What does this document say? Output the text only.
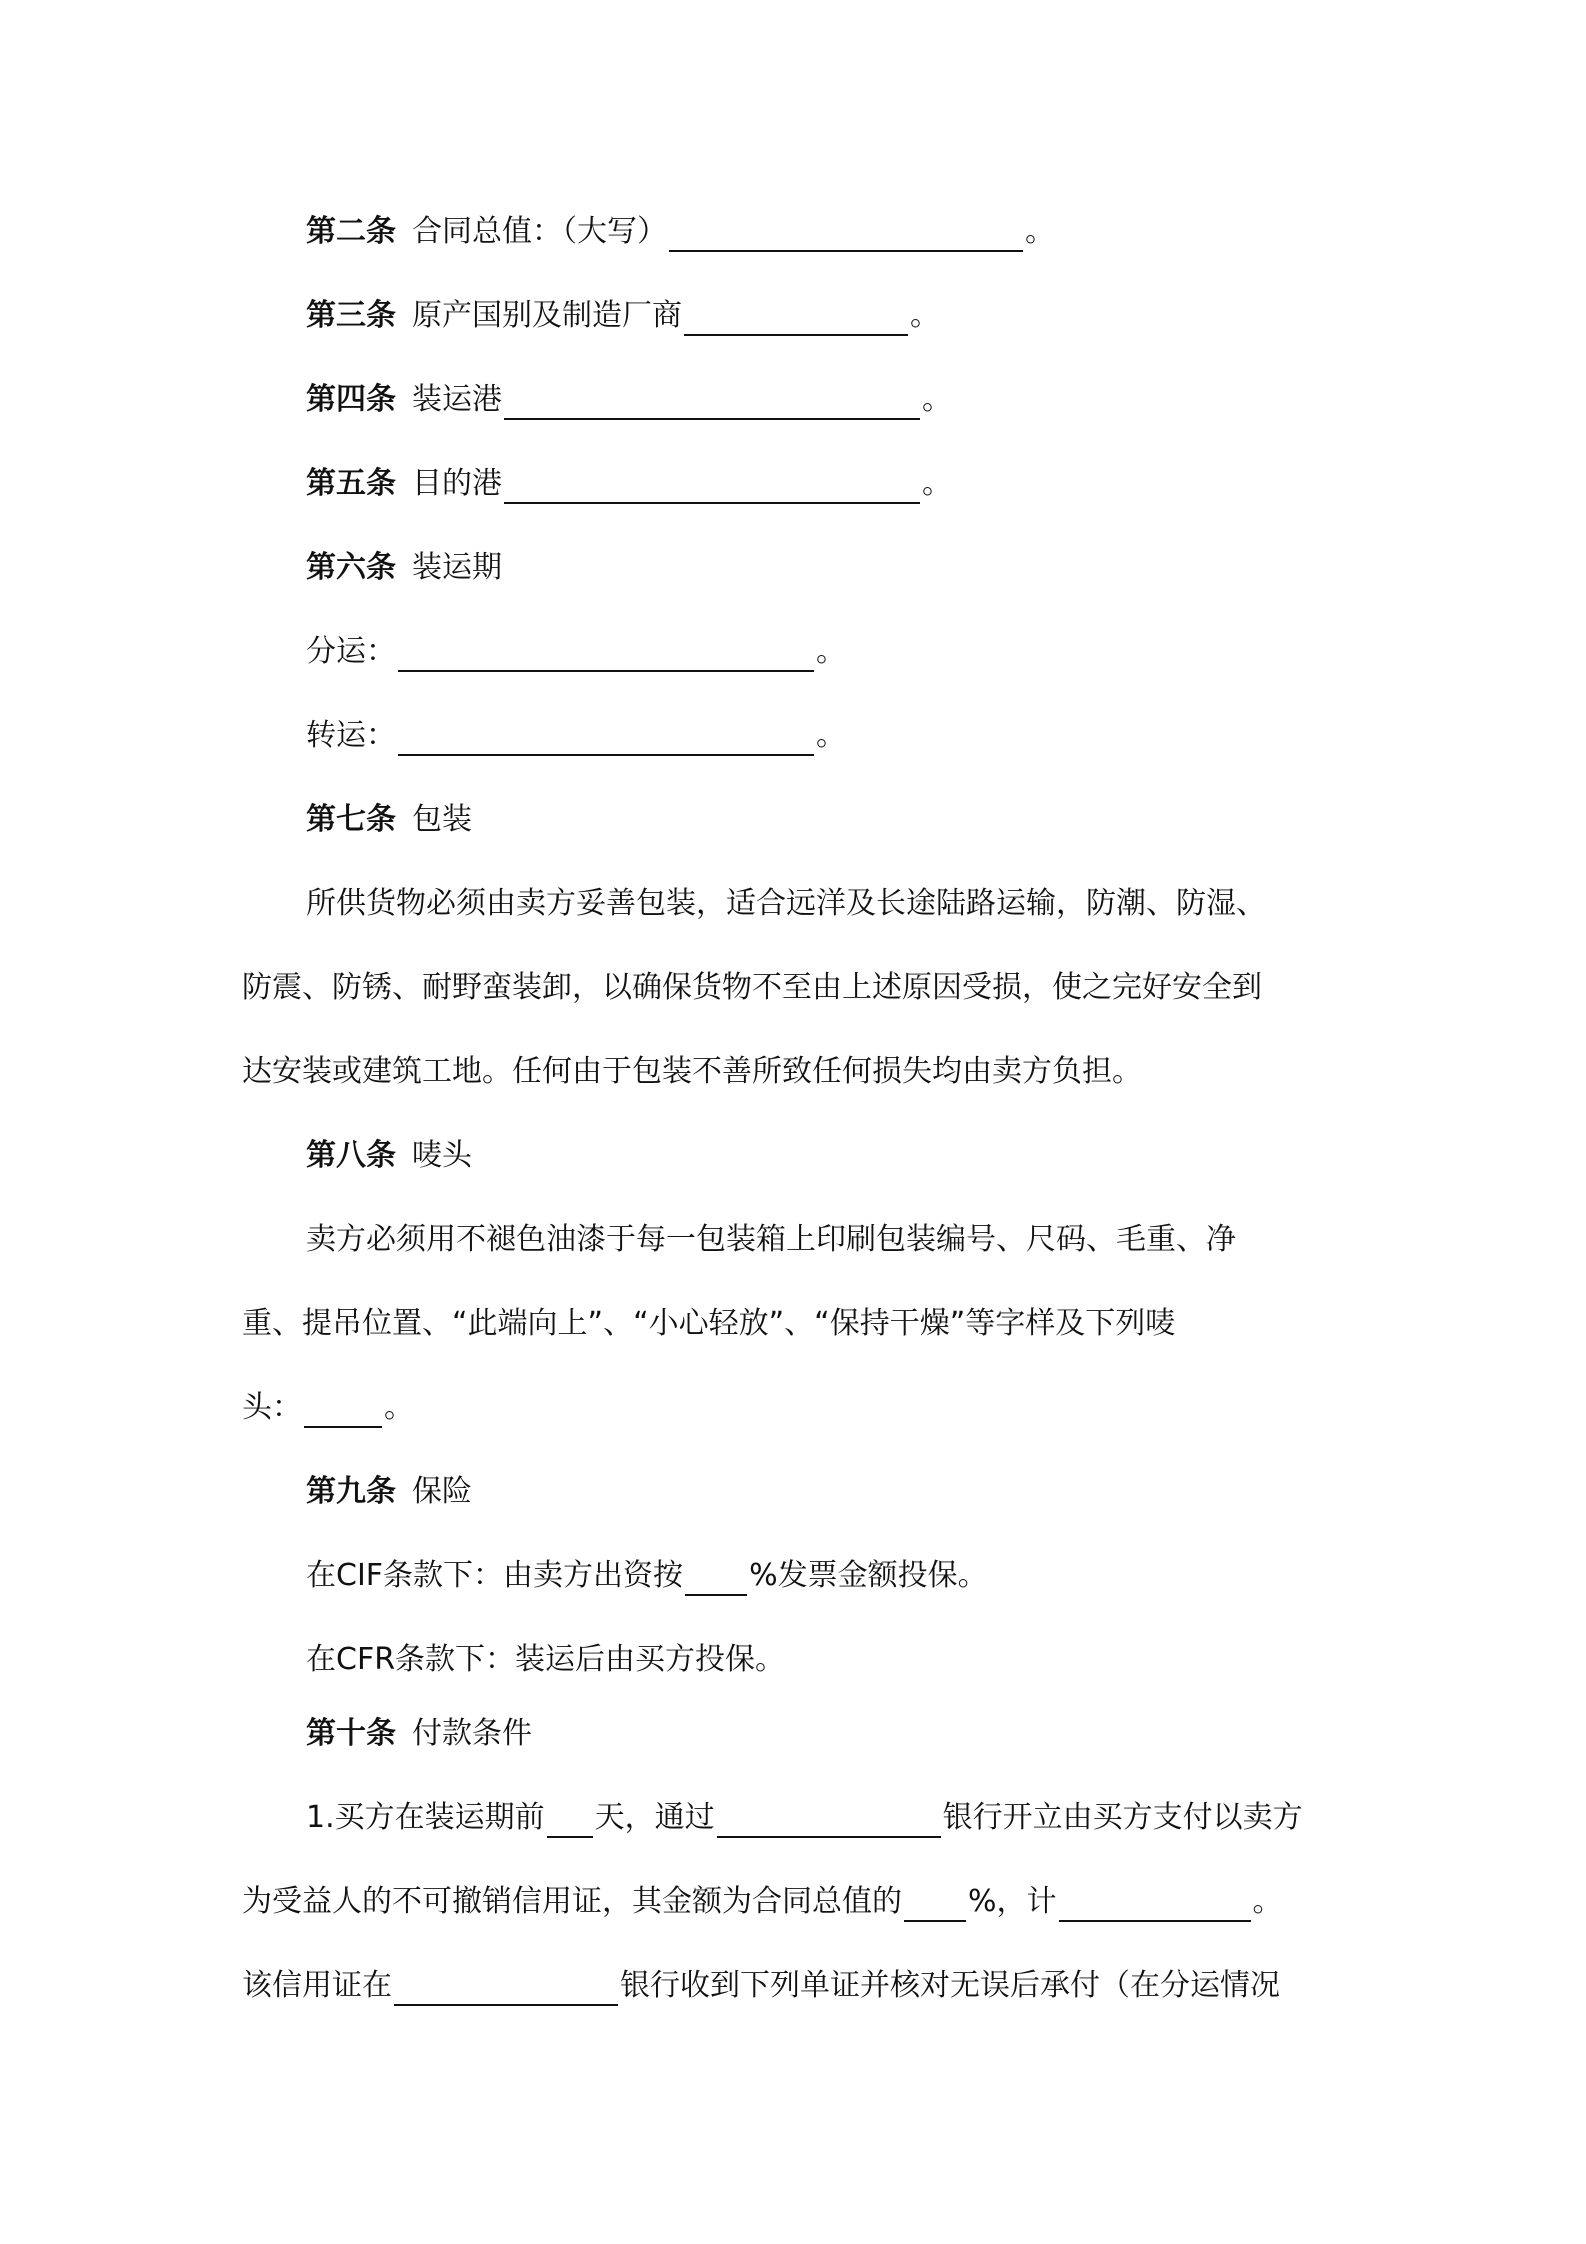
第二条 合同总值：（大写）	。
第三条 原产国别及制造厂商	。
第四条 装运港	。
第五条 目的港	。
第六条 装运期
分运：	。
转运：	。
第七条 包装
所供货物必须由卖方妥善包装，适合远洋及长途陆路运输，防潮、防湿、
防震、防锈、耐野蛮装卸，以确保货物不至由上述原因受损，使之完好安全到
达安装或建筑工地。任何由于包装不善所致任何损失均由卖方负担。
第八条 唛头
卖方必须用不褪色油漆于每一包装箱上印刷包装编号、尺码、毛重、净
重、提吊位置、“此端向上”、“小心轻放”、“保持干燥”等字样及下列唛
头：	。
第九条 保险
在CIF条款下：由卖方出资按 %发票金额投保。
在CFR条款下：装运后由买方投保。
第十条 付款条件
1.买方在装运期前 天，通过	银行开立由买方支付以卖方
为受益人的不可撤销信用证，其金额为合同总值的 %，计	。
该信用证在	银行收到下列单证并核对无误后承付（在分运情况
